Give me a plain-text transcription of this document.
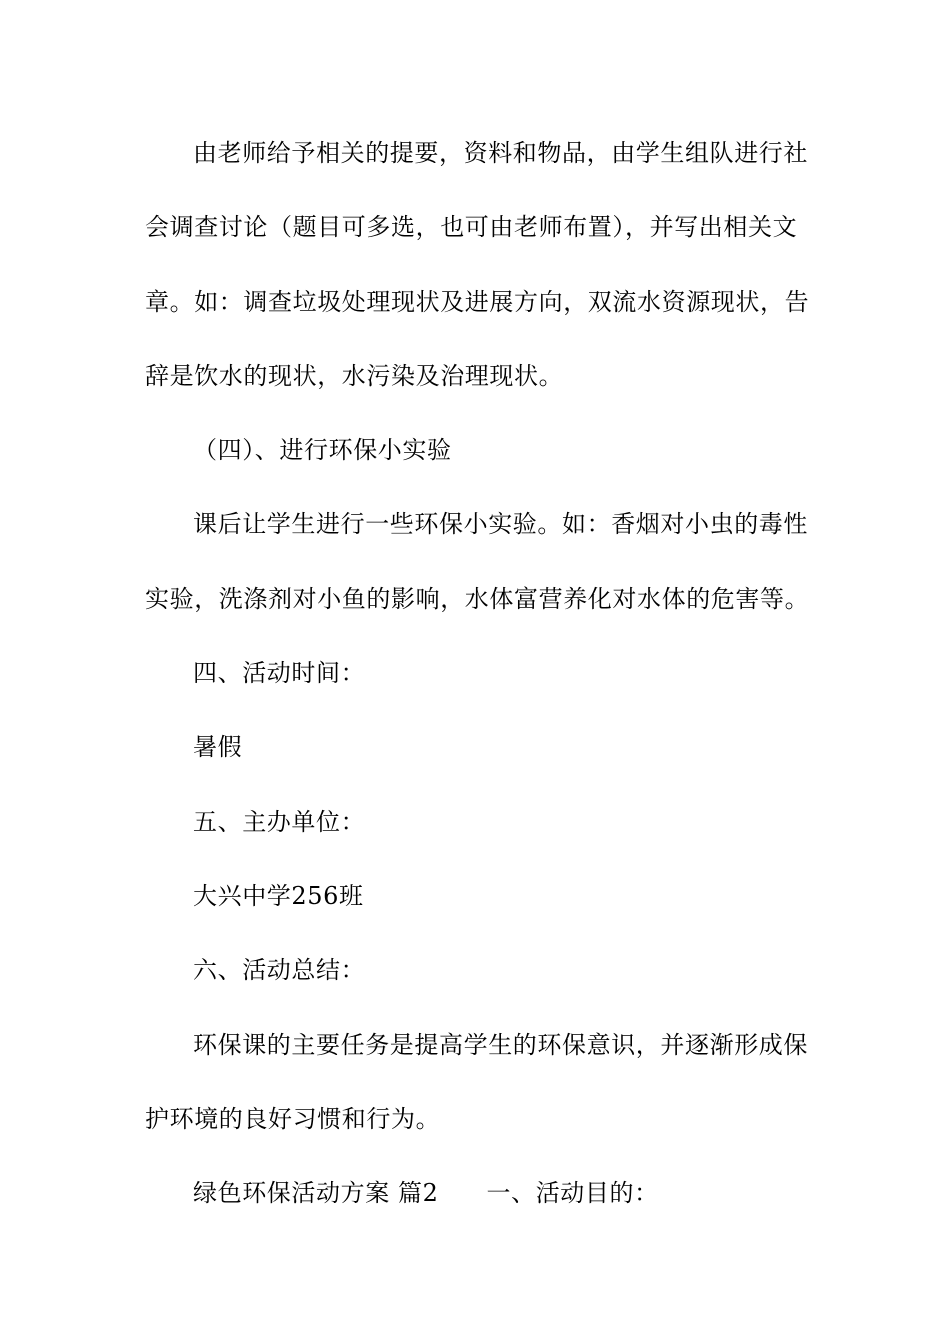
由老师给予相关的提要，资料和物品，由学生组队进行社
会调查讨论（题目可多选，也可由老师布置），并写出相关文
章。如：调查垃圾处理现状及进展方向，双流水资源现状，告
辞是饮水的现状，水污染及治理现状。
（四）、进行环保小实验
课后让学生进行一些环保小实验。如：香烟对小虫的毒性
实验，洗涤剂对小鱼的影响，水体富营养化对水体的危害等。
四、活动时间：
暑假
五、主办单位：
大兴中学256班
六、活动总结：
环保课的主要任务是提高学生的环保意识，并逐渐形成保
护环境的良好习惯和行为。
绿色环保活动方案 篇2 一、活动目的：
